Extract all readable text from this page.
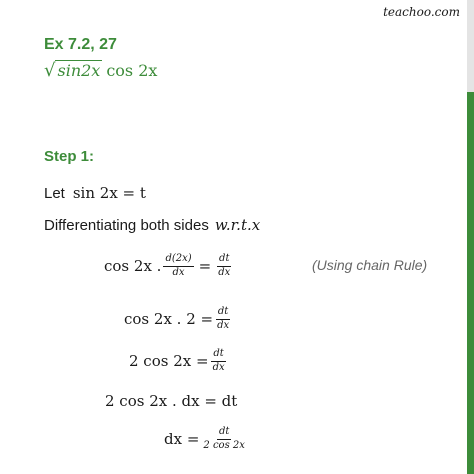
teachoo.com
Ex 7.2, 27
√ sin2x cos 2x
Step 1:
Let sin 2x = t
Differentiating both sides w.r.t.x
cos 2x . $\frac{d(2x)}{dx} = \frac{dt}{dx}$	(Using chain Rule)
cos 2x . $2 = \frac{dt}{dx}$
2 $\cos 2x = \frac{dt}{dx}$
2 cos 2x . dx = dt
dx = $\frac{dt}{2 \cos 2x}$
